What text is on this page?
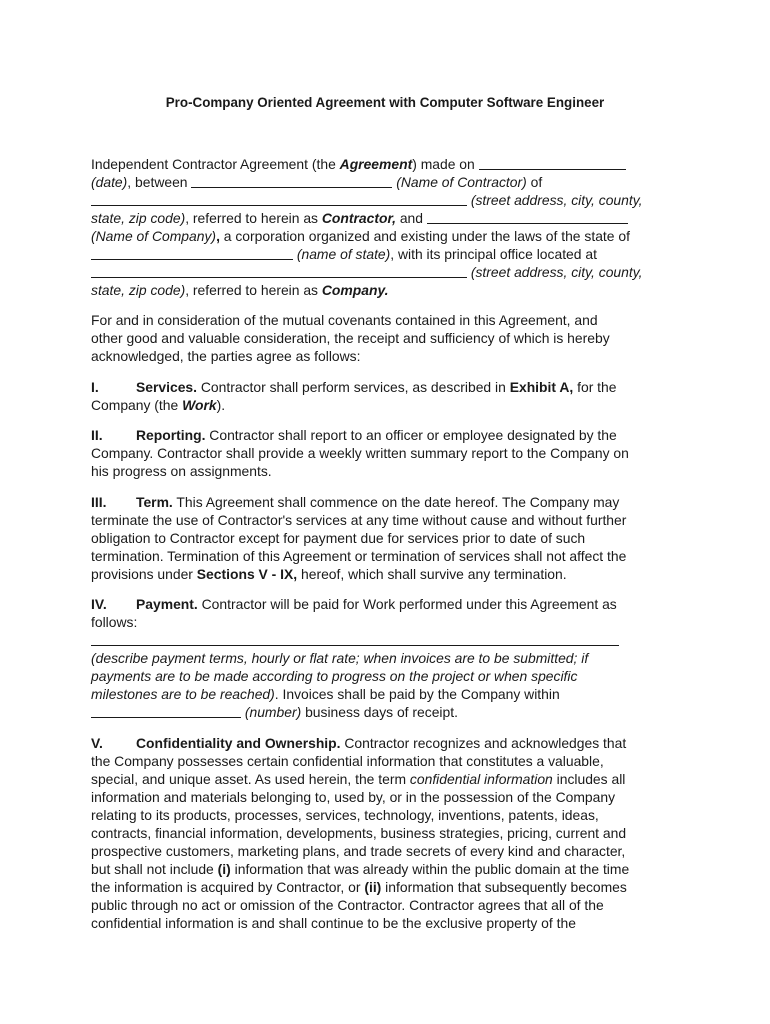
Pro-Company Oriented Agreement with Computer Software Engineer

Independent Contractor Agreement (the Agreement) made on
(date), between	(Name of Contractor) of
(street address, city, county,
state, zip code), referred to herein as Contractor, and
(Name of Company), a corporation organized and existing under the laws of the state of
(name of state), with its principal office located at
(street address, city, county,
state, zip code), referred to herein as Company.

For and in consideration of the mutual covenants contained in this Agreement, and
other good and valuable consideration, the receipt and sufficiency of which is hereby
acknowledged, the parties agree as follows:

I.	Services. Contractor shall perform services, as described in Exhibit A, for the
Company (the Work).

II. Reporting. Contractor shall report to an officer or employee designated by the
Company. Contractor shall provide a weekly written summary report to the Company on
his progress on assignments.

III. Term. This Agreement shall commence on the date hereof. The Company may
terminate the use of Contractor's services at any time without cause and without further
obligation to Contractor except for payment due for services prior to date of such
termination. Termination of this Agreement or termination of services shall not affect the
provisions under Sections V - IX, hereof, which shall survive any termination.

IV. Payment. Contractor will be paid for Work performed under this Agreement as
follows:

(describe payment terms, hourly or flat rate; when invoices are to be submitted; if
payments are to be made according to progress on the project or when specific
milestones are to be reached). Invoices shall be paid by the Company within
(number) business days of receipt.

V. Confidentiality and Ownership. Contractor recognizes and acknowledges that
the Company possesses certain confidential information that constitutes a valuable,
special, and unique asset. As used herein, the term confidential information includes all
information and materials belonging to, used by, or in the possession of the Company
relating to its products, processes, services, technology, inventions, patents, ideas,
contracts, financial information, developments, business strategies, pricing, current and
prospective customers, marketing plans, and trade secrets of every kind and character,
but shall not include (i) information that was already within the public domain at the time
the information is acquired by Contractor, or (ii) information that subsequently becomes
public through no act or omission of the Contractor. Contractor agrees that all of the
confidential information is and shall continue to be the exclusive property of the
